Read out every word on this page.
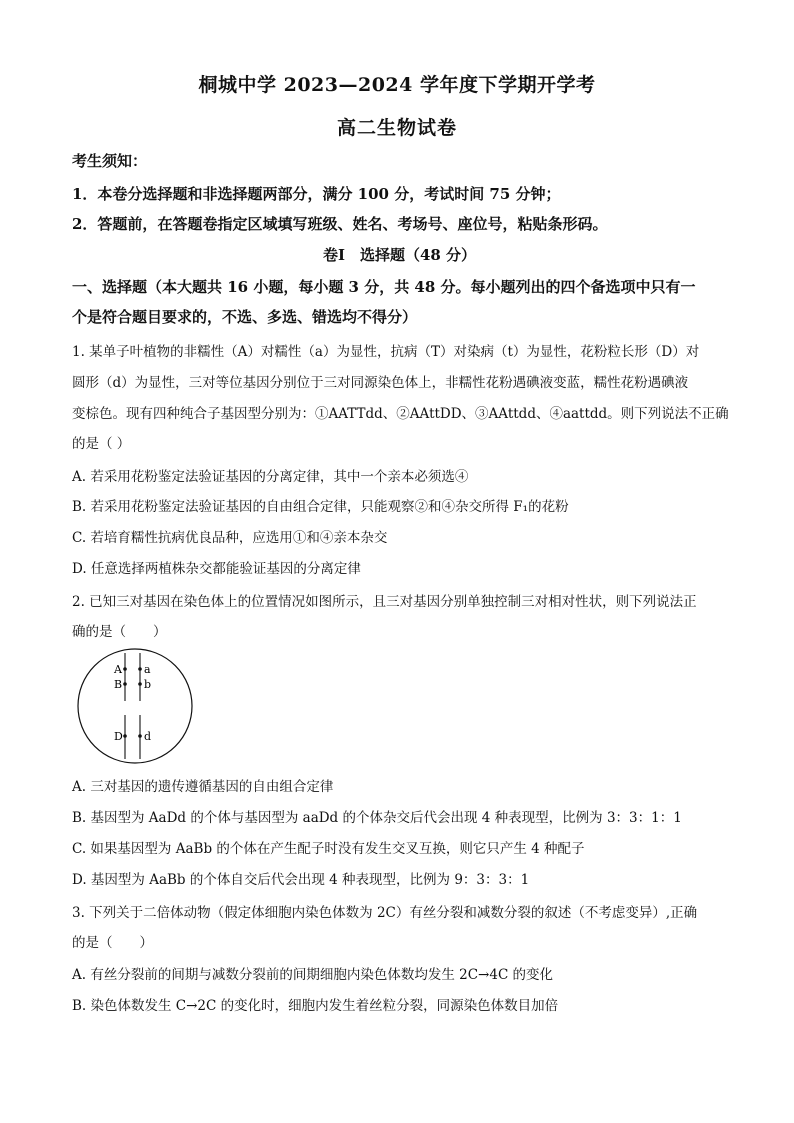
桐城中学 2023—2024 学年度下学期开学考
高二生物试卷
考生须知：
1．本卷分选择题和非选择题两部分，满分 100 分，考试时间 75 分钟；
2．答题前，在答题卷指定区域填写班级、姓名、考场号、座位号，粘贴条形码。
卷Ⅰ　选择题（48 分）
一、选择题（本大题共 16 小题，每小题 3 分，共 48 分。每小题列出的四个备选项中只有一
个是符合题目要求的，不选、多选、错选均不得分）
1. 某单子叶植物的非糯性（A）对糯性（a）为显性，抗病（T）对染病（t）为显性，花粉粒长形（D）对
圆形（d）为显性，三对等位基因分别位于三对同源染色体上，非糯性花粉遇碘液变蓝，糯性花粉遇碘液
变棕色。现有四种纯合子基因型分别为：①AATTdd、②AAttDD、③AAttdd、④aattdd。则下列说法不正确
的是（ ）
A. 若采用花粉鉴定法验证基因的分离定律，其中一个亲本必须选④
B. 若采用花粉鉴定法验证基因的自由组合定律，只能观察②和④杂交所得 F₁的花粉
C. 若培育糯性抗病优良品种，应选用①和④亲本杂交
D. 任意选择两植株杂交都能验证基因的分离定律
2. 已知三对基因在染色体上的位置情况如图所示，且三对基因分别单独控制三对相对性状，则下列说法正
确的是（　　）
A a
B b
D d
A. 三对基因的遗传遵循基因的自由组合定律
B. 基因型为 AaDd 的个体与基因型为 aaDd 的个体杂交后代会出现 4 种表现型，比例为 3：3：1：1
C. 如果基因型为 AaBb 的个体在产生配子时没有发生交叉互换，则它只产生 4 种配子
D. 基因型为 AaBb 的个体自交后代会出现 4 种表现型，比例为 9：3：3：1
3. 下列关于二倍体动物（假定体细胞内染色体数为 2C）有丝分裂和减数分裂的叙述（不考虑变异）,正确
的是（　　）
A. 有丝分裂前的间期与减数分裂前的间期细胞内染色体数均发生 2C→4C 的变化
B. 染色体数发生 C→2C 的变化时，细胞内发生着丝粒分裂，同源染色体数目加倍
